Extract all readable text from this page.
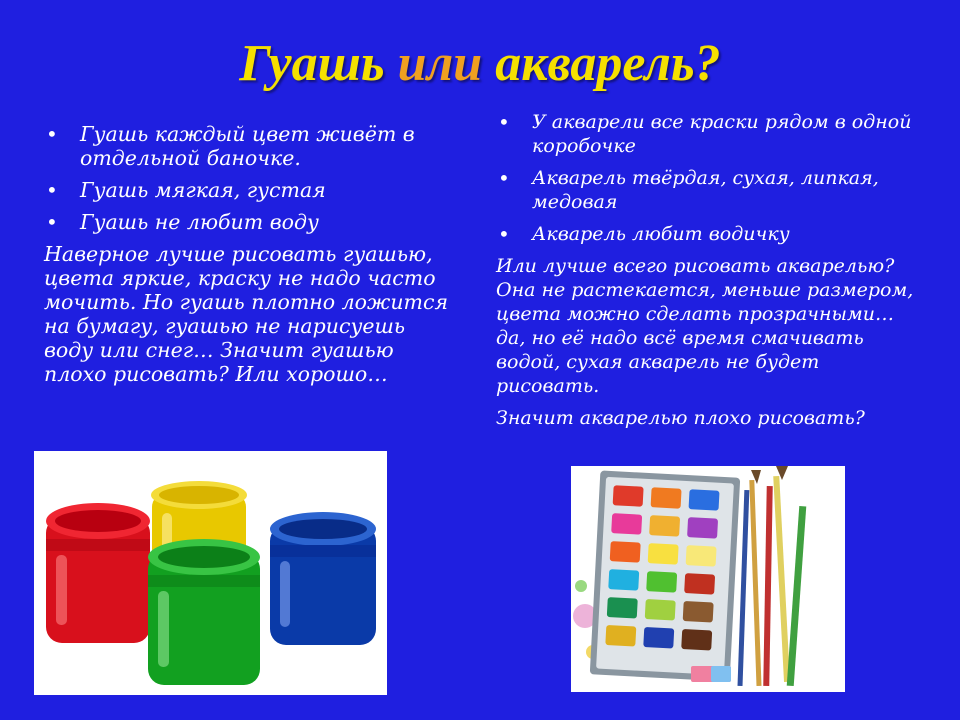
Гуашь или акварель?
• Гуашь каждый цвет живёт в отдельной баночке.
• Гуашь мягкая, густая
• Гуашь не любит воду

Наверное лучше рисовать гуашью, цвета яркие, краску не надо часто мочить. Но гуашь плотно ложится на бумагу, гуашью не нарисуешь воду или снег… Значит гуашью плохо рисовать? Или хорошо…

• У акварели все краски рядом в одной коробочке
• Акварель твёрдая, сухая, липкая, медовая
• Акварель любит водичку

Или лучше всего рисовать акварелью? Она не растекается, меньше размером, цвета можно сделать прозрачными… да, но её надо всё время смачивать водой, сухая акварель не будет рисовать.

Значит акварелью плохо рисовать?
